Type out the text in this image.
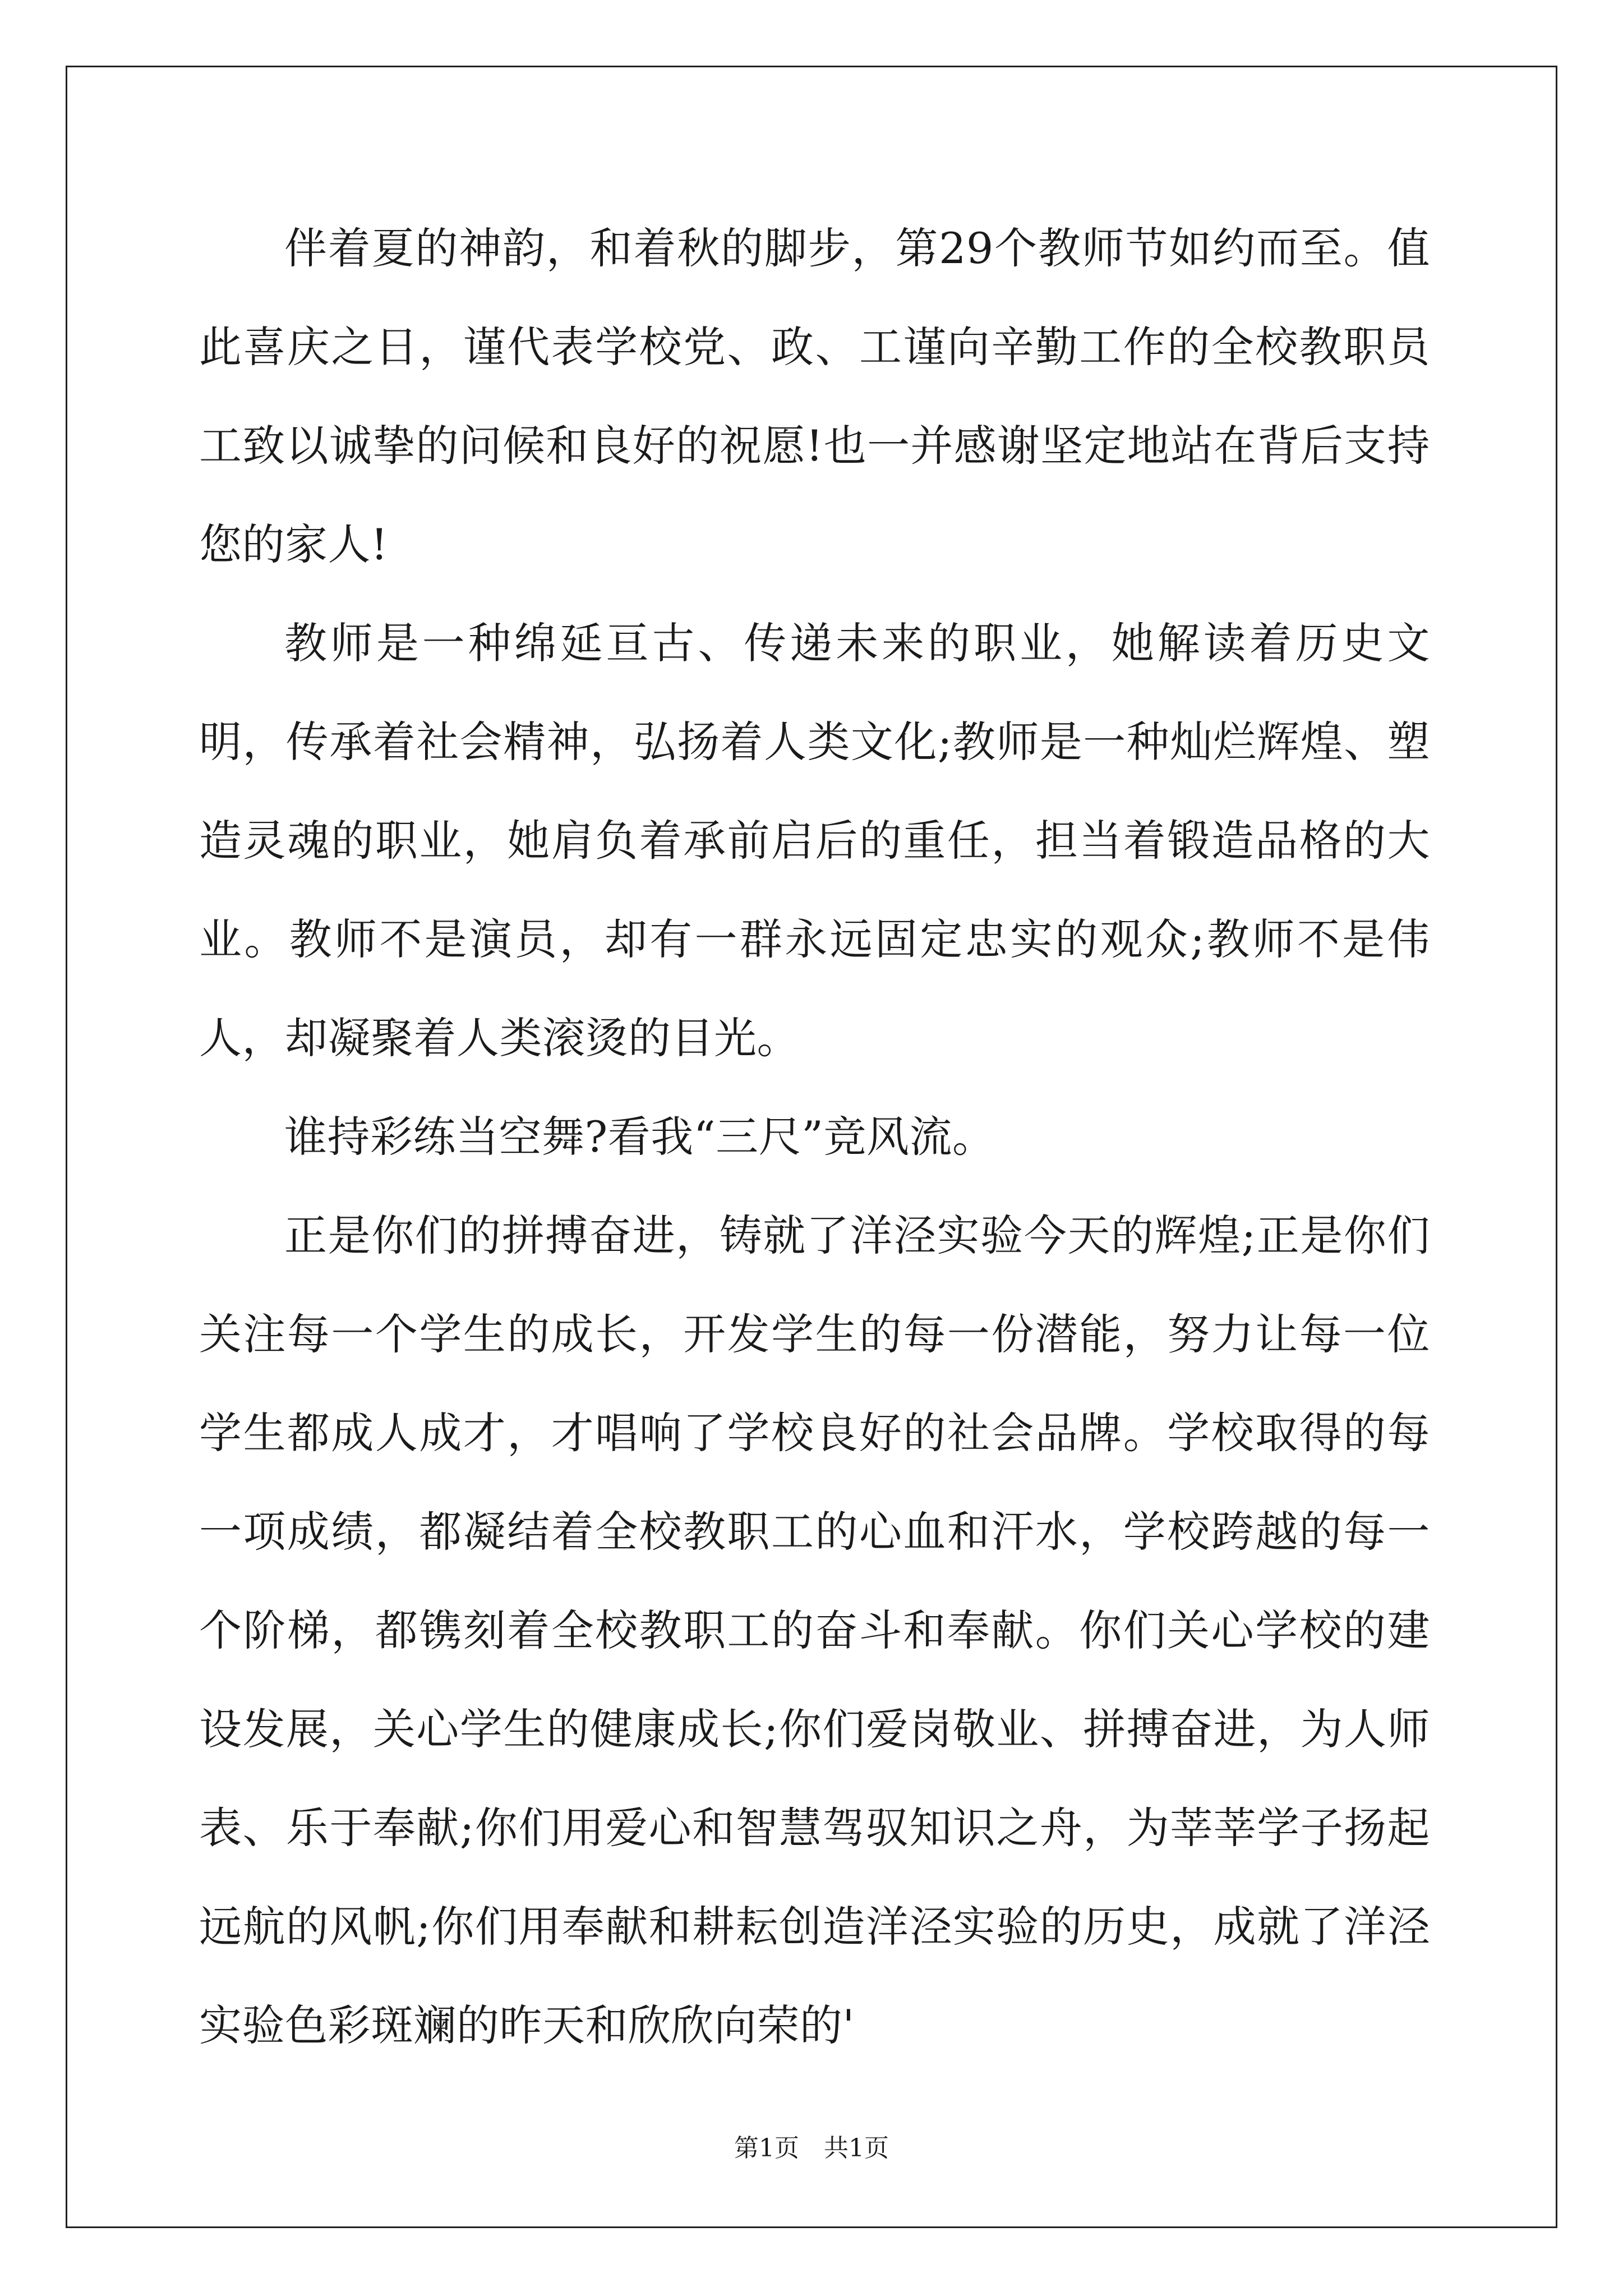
伴着夏的神韵，和着秋的脚步，第29个教师节如约而至。值此喜庆之日，谨代表学校党、政、工谨向辛勤工作的全校教职员工致以诚挚的问候和良好的祝愿!也一并感谢坚定地站在背后支持您的家人!

教师是一种绵延亘古、传递未来的职业，她解读着历史文明，传承着社会精神，弘扬着人类文化;教师是一种灿烂辉煌、塑造灵魂的职业，她肩负着承前启后的重任，担当着锻造品格的大业。教师不是演员，却有一群永远固定忠实的观众;教师不是伟人，却凝聚着人类滚烫的目光。

谁持彩练当空舞?看我“三尺”竞风流。

正是你们的拼搏奋进，铸就了洋泾实验今天的辉煌;正是你们关注每一个学生的成长，开发学生的每一份潜能，努力让每一位学生都成人成才，才唱响了学校良好的社会品牌。学校取得的每一项成绩，都凝结着全校教职工的心血和汗水，学校跨越的每一个阶梯，都镌刻着全校教职工的奋斗和奉献。你们关心学校的建设发展，关心学生的健康成长;你们爱岗敬业、拼搏奋进，为人师表、乐于奉献;你们用爱心和智慧驾驭知识之舟，为莘莘学子扬起远航的风帆;你们用奉献和耕耘创造洋泾实验的历史，成就了洋泾实验色彩斑斓的昨天和欣欣向荣的'

第1页 共1页
